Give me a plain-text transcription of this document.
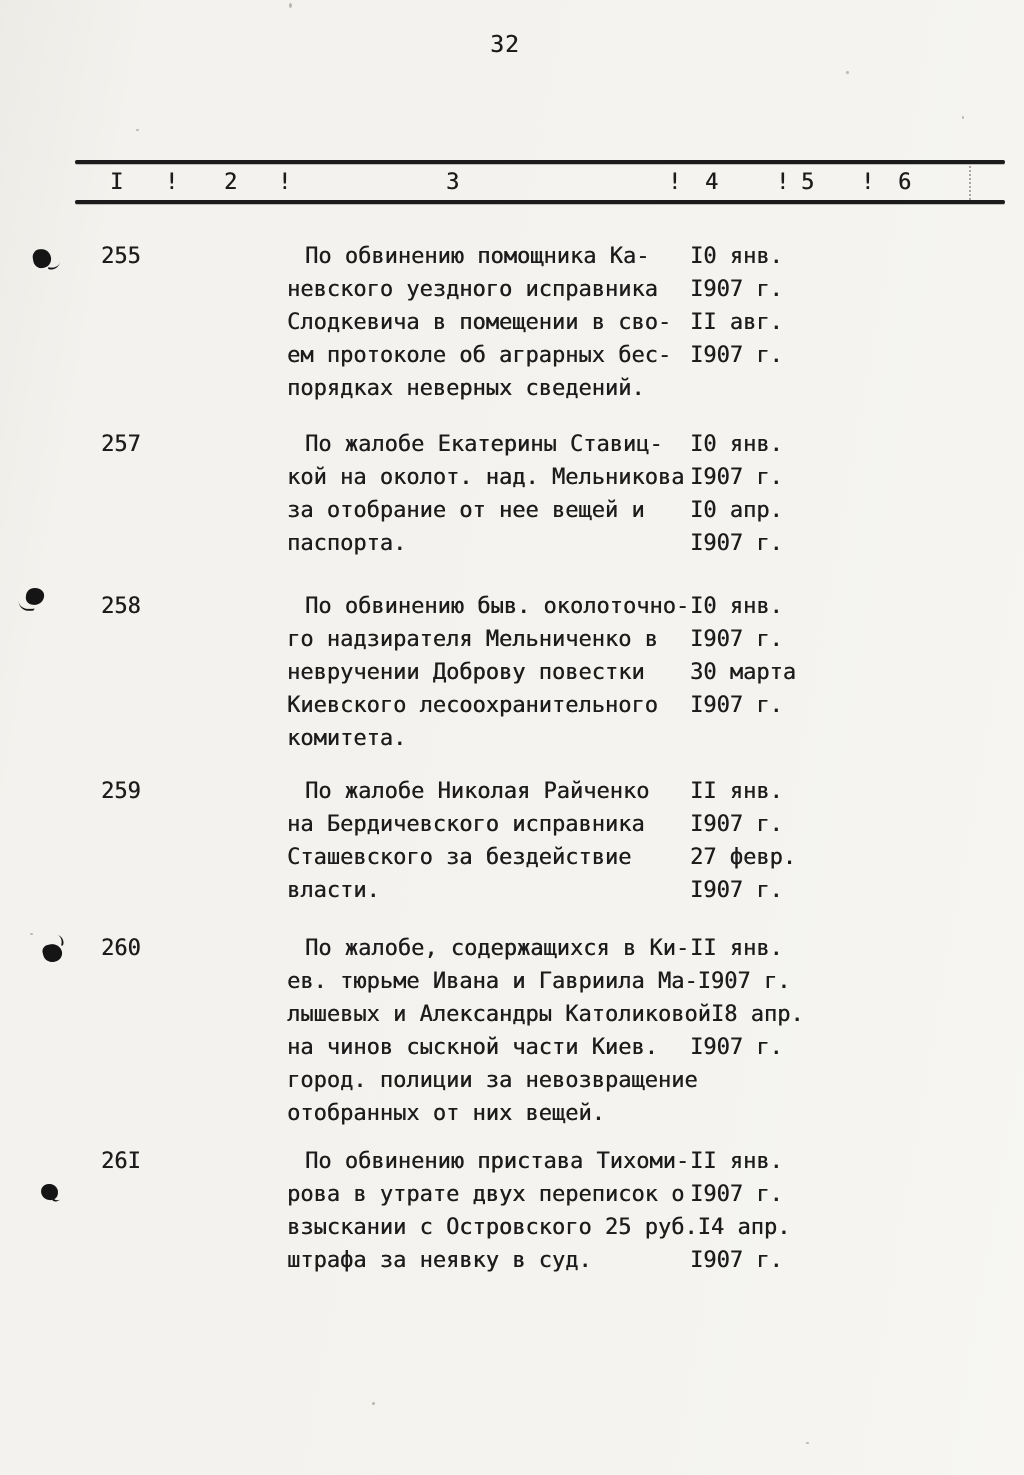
32
I ! 2 !	3	! 4	! 5 ! 6
255	По обвинению помощника Ка-	I0 янв.
невского уездного исправника	I907 г.
Слодкевича в помещении в сво- II авг.
ем протоколе об аграрных бес- I907 г.
порядках неверных сведений.
257	По жалобе Екатерины Ставиц-	I0 янв.
кой на околот. над. Мельникова I907 г.
за отобрание от нее вещей и	I0 апр.
паспорта.	I907 г.
258	По обвинению быв. околоточно- I0 янв.
го надзирателя Мельниченко в	I907 г.
невручении Доброву повестки	30 марта
Киевского лесоохранительного	I907 г.
комитета.
259	По жалобе Николая Райченко	II янв.
на Бердичевского исправника	I907 г.
Сташевского за бездействие	27 февр.
власти.	I907 г.
260	По жалобе, содержащихся в Ки- II янв.
ев. тюрьме Ивана и Гавриила Ма- I907 г.
лышевых и Александры Католиковой I8 апр.
на чинов сыскной части Киев.	I907 г.
город. полиции за невозвращение
отобранных от них вещей.
26I	По обвинению пристава Тихоми- II янв.
рова в утрате двух переписок о I907 г.
взыскании с Островского 25 руб. I4 апр.
штрафа за неявку в суд.	I907 г.
